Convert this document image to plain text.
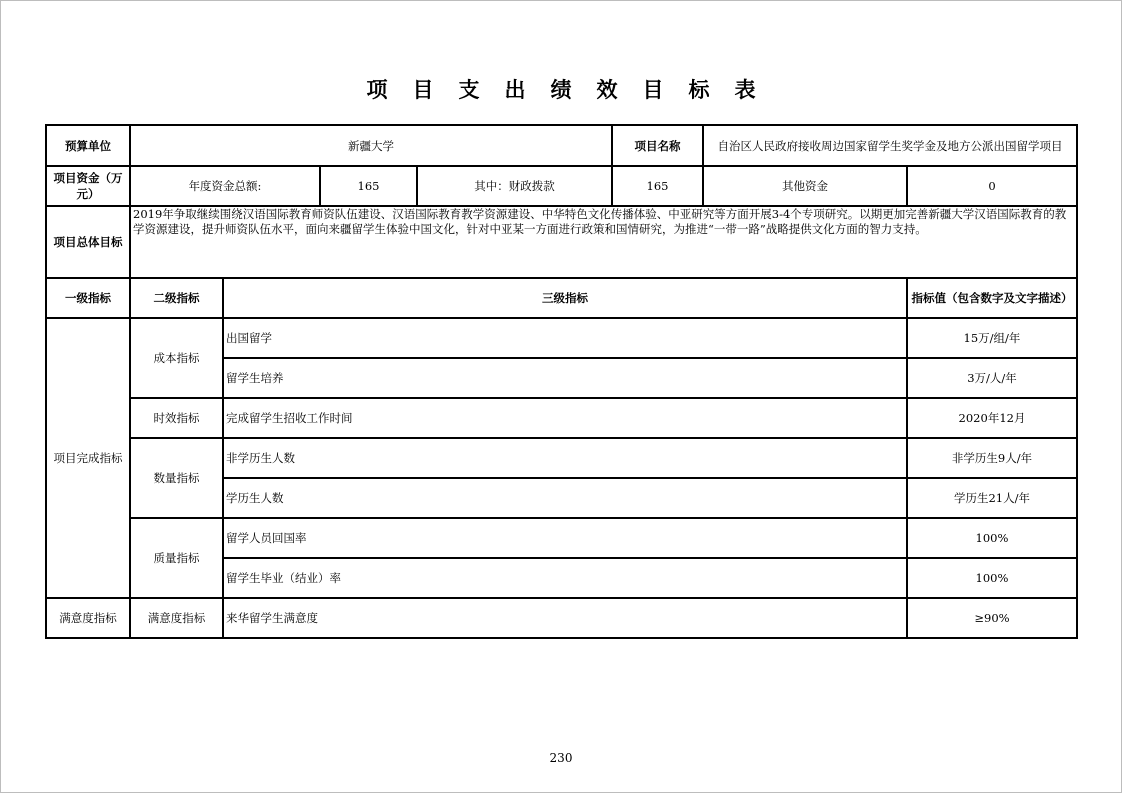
项目支出绩效目标表
预算单位	新疆大学				项目名称	自治区人民政府接收周边国家留学生奖学金及地方公派出国留学项目	
项目资金（万元）	年度资金总额:		165	其中：财政拨款	165	其他资金	0
项目总体目标	2019年争取继续围绕汉语国际教育师资队伍建设、汉语国际教育教学资源建设、中华特色文化传播体验、中亚研究等方面开展3-4个专项研究。以期更加完善新疆大学汉语国际教育的教学资源建设，提升师资队伍水平，面向来疆留学生体验中国文化，针对中亚某一方面进行政策和国情研究，为推进“一带一路”战略提供文化方面的智力支持。						
一级指标	二级指标	三级指标					指标值（包含数字及文字描述）
项目完成指标	成本指标	出国留学					15万/组/年
		留学生培养					3万/人/年
	时效指标	完成留学生招收工作时间					2020年12月
	数量指标	非学历生人数					非学历生9人/年
		学历生人数					学历生21人/年
	质量指标	留学人员回国率					100%
		留学生毕业（结业）率					100%
满意度指标	满意度指标	来华留学生满意度					≥90%
230
